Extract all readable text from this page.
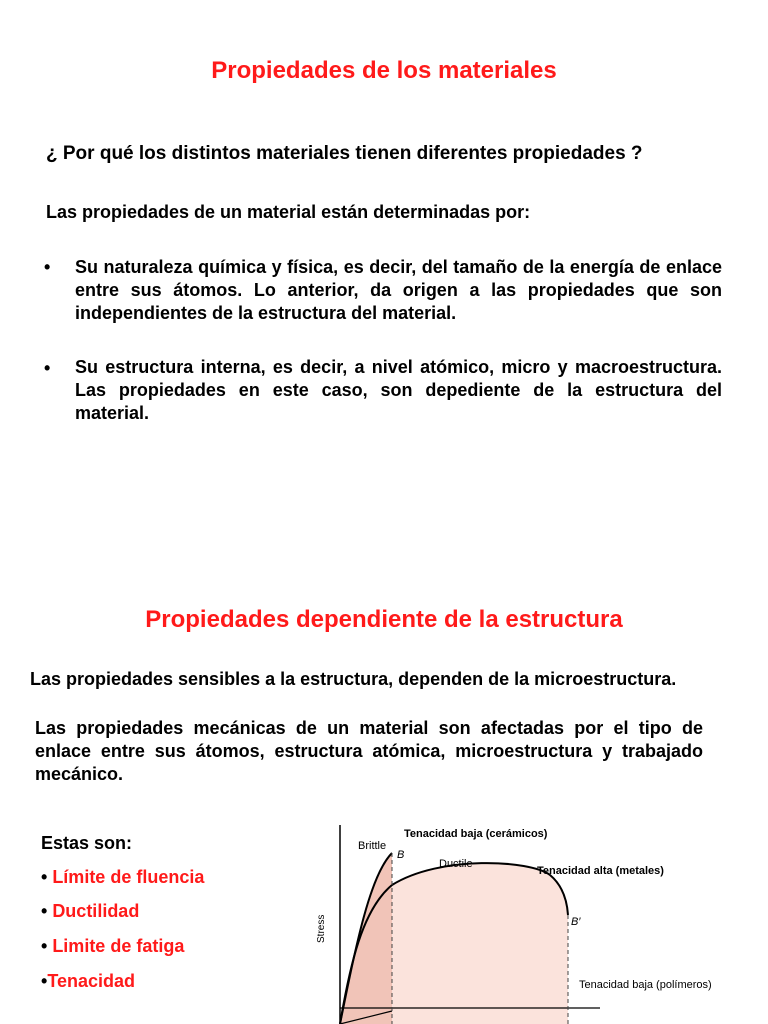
Propiedades de los materiales
¿ Por qué los distintos materiales tienen diferentes propiedades ?
Las propiedades de un material están determinadas por:
• Su naturaleza química y física, es decir, del tamaño de la energía de enlace entre sus átomos. Lo anterior, da origen a las propiedades que son independientes de la estructura del material.
• Su estructura interna, es decir, a nivel atómico, micro y macroestructura. Las propiedades en este caso, son depediente de la estructura del material.
Propiedades dependiente de la estructura
Las propiedades sensibles a la estructura, dependen de la microestructura.
Las propiedades mecánicas de un material son afectadas por el tipo de enlace entre sus átomos, estructura atómica, microestructura y trabajado mecánico.
Estas son:
• Límite de fluencia
• Ductilidad
• Limite de fatiga
•Tenacidad
Brittle
B
Ductile
B′
Tenacidad baja (cerámicos)
Tenacidad alta (metales)
Tenacidad baja (polímeros)
Stress
